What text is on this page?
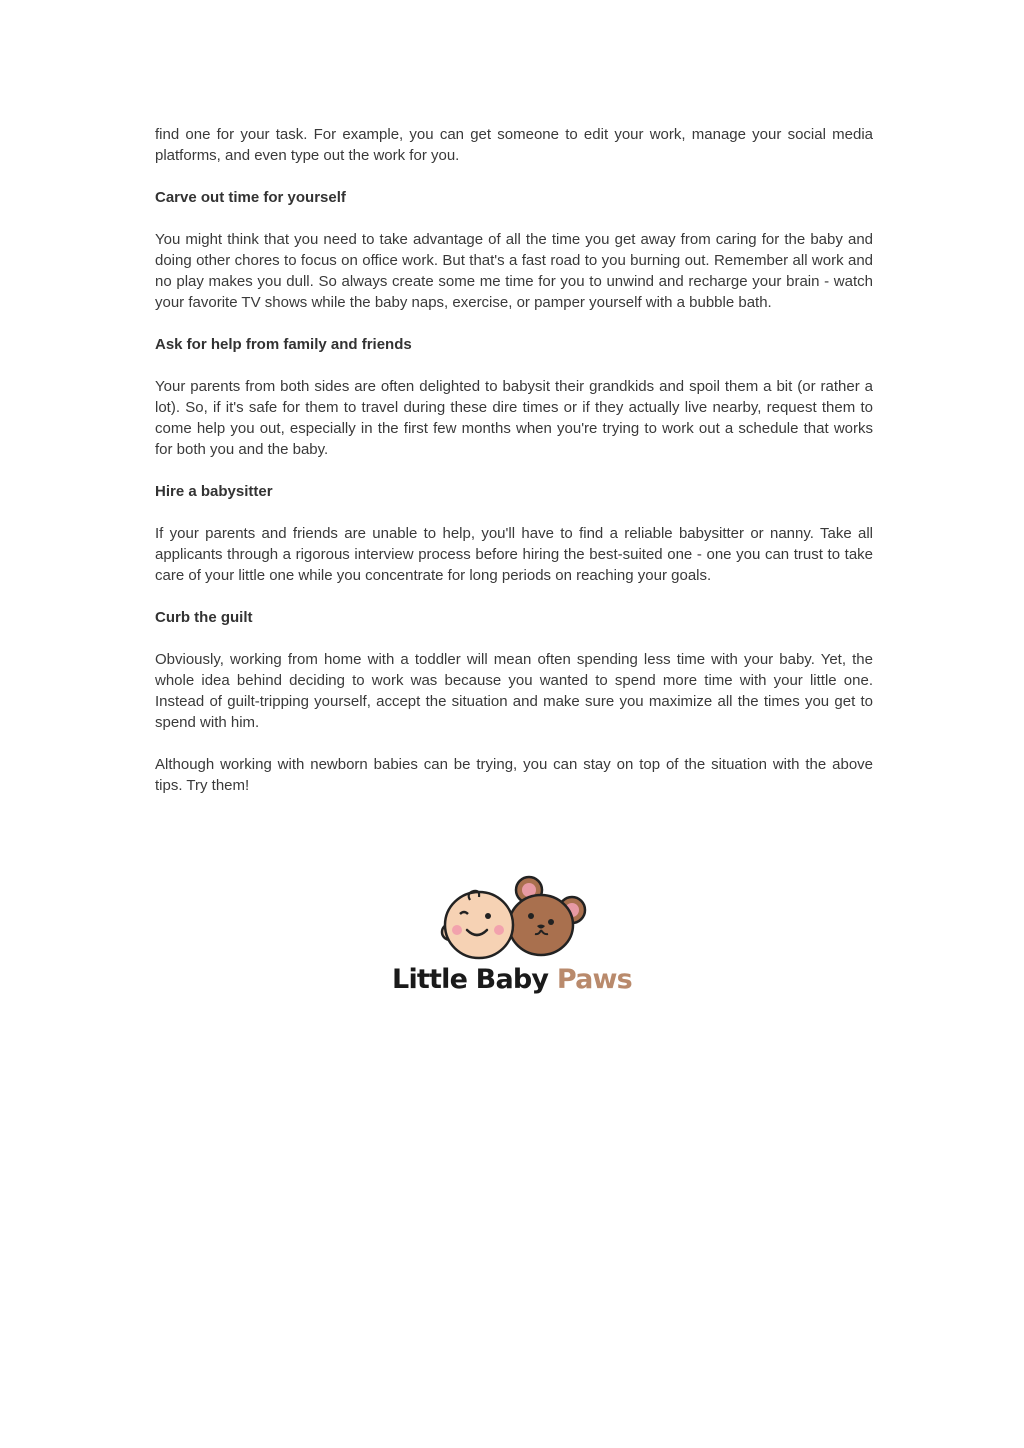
find one for your task. For example, you can get someone to edit your work, manage your social media platforms, and even type out the work for you.

Carve out time for yourself

You might think that you need to take advantage of all the time you get away from caring for the baby and doing other chores to focus on office work. But that's a fast road to you burning out. Remember all work and no play makes you dull. So always create some me time for you to unwind and recharge your brain - watch your favorite TV shows while the baby naps, exercise, or pamper yourself with a bubble bath.

Ask for help from family and friends

Your parents from both sides are often delighted to babysit their grandkids and spoil them a bit (or rather a lot). So, if it's safe for them to travel during these dire times or if they actually live nearby, request them to come help you out, especially in the first few months when you're trying to work out a schedule that works for both you and the baby.

Hire a babysitter

If your parents and friends are unable to help, you'll have to find a reliable babysitter or nanny. Take all applicants through a rigorous interview process before hiring the best-suited one - one you can trust to take care of your little one while you concentrate for long periods on reaching your goals.

Curb the guilt

Obviously, working from home with a toddler will mean often spending less time with your baby. Yet, the whole idea behind deciding to work was because you wanted to spend more time with your little one. Instead of guilt-tripping yourself, accept the situation and make sure you maximize all the times you get to spend with him.

Although working with newborn babies can be trying, you can stay on top of the situation with the above tips. Try them!

Little Baby Paws
